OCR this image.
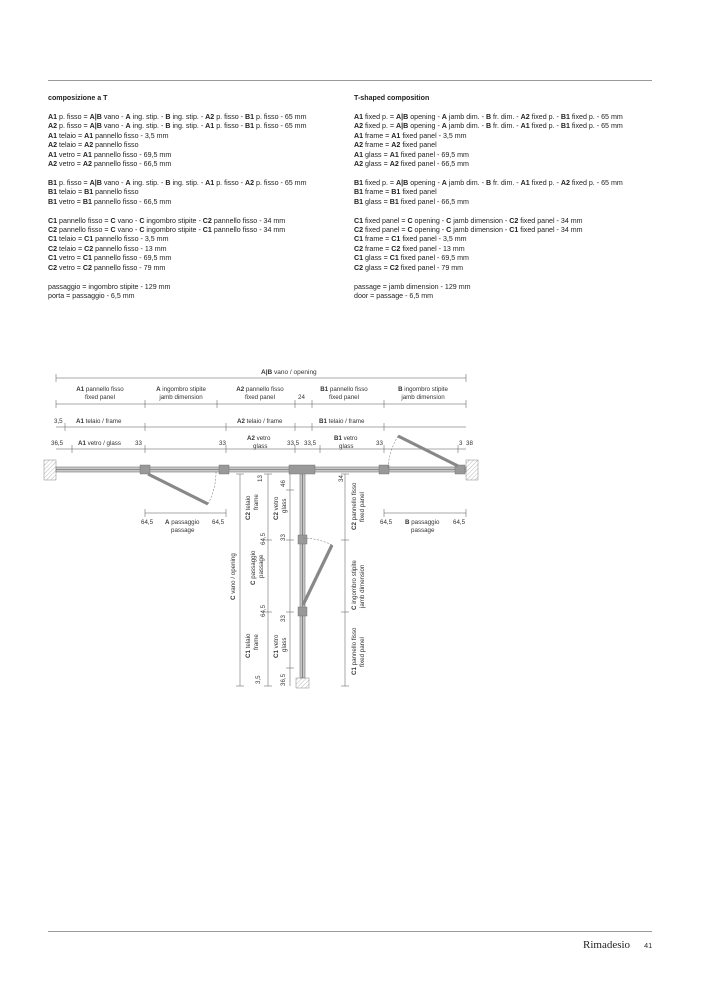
composizione a T
A1 p. fisso = A|B vano - A ing. stip. - B ing. stip. - A2 p. fisso - B1 p. fisso - 65 mm
A2 p. fisso = A|B vano - A ing. stip. - B ing. stip. - A1 p. fisso - B1 p. fisso - 65 mm
A1 telaio = A1 pannello fisso - 3,5 mm
A2 telaio = A2 pannello fisso
A1 vetro = A1 pannello fisso - 69,5 mm
A2 vetro = A2 pannello fisso - 66,5 mm
B1 p. fisso = A|B vano - A ing. stip. - B ing. stip. - A1 p. fisso - A2 p. fisso - 65 mm
B1 telaio = B1 pannello fisso
B1 vetro = B1 pannello fisso - 66,5 mm
C1 pannello fisso = C vano - C ingombro stipite - C2 pannello fisso - 34 mm
C2 pannello fisso = C vano - C ingombro stipite - C1 pannello fisso - 34 mm
C1 telaio = C1 pannello fisso - 3,5 mm
C2 telaio = C2 pannello fisso - 13 mm
C1 vetro = C1 pannello fisso - 69,5 mm
C2 vetro = C2 pannello fisso - 79 mm
passaggio = ingombro stipite - 129 mm
porta = passaggio - 6,5 mm
T-shaped composition
A1 fixed p. = A|B opening - A jamb dim. - B fr. dim. - A2 fixed p. - B1 fixed p. - 65 mm
A2 fixed p. = A|B opening - A jamb dim. - B fr. dim. - A1 fixed p. - B1 fixed p. - 65 mm
A1 frame = A1 fixed panel - 3,5 mm
A2 frame = A2 fixed panel
A1 glass = A1 fixed panel - 69,5 mm
A2 glass = A2 fixed panel - 66,5 mm
B1 fixed p. = A|B opening - A jamb dim. - B fr. dim. - A1 fixed p. - A2 fixed p. - 65 mm
B1 frame = B1 fixed panel
B1 glass = B1 fixed panel - 66,5 mm
C1 fixed panel = C opening - C jamb dimension - C2 fixed panel - 34 mm
C2 fixed panel = C opening - C jamb dimension - C1 fixed panel - 34 mm
C1 frame = C1 fixed panel - 3,5 mm
C2 frame = C2 fixed panel - 13 mm
C1 glass = C1 fixed panel - 69,5 mm
C2 glass = C2 fixed panel - 79 mm
passage = jamb dimension - 129 mm
door = passage - 6,5 mm
A|B vano / opening
A1 pannello fisso
fixed panel
A ingombro stipite
jamb dimension
A2 pannello fisso
fixed panel
B1 pannello fisso
fixed panel
B ingombro stipite
jamb dimension
3,5 A1 telaio / frame	A2 telaio / frame
24
B1 telaio / frame
36,5 A1 vetro / glass 33	33
A2 vetro
glass	33,5 33,5
B1 vetro
glass	33	3 38
64,5 A passaggio
passage
64,5	64,5 B passaggio
passage
64,5
C vano / opening C passaggio passage
64,5
64,5
C2 telaio frame
13
C2 vetro glass
46
33
33
C1 telaio frame
3,5
C1 vetro glass
36,5
34
C2 pannello fisso fixed panel
C ingombro stipite jamb dimension
C1 pannello fisso fixed panel
Rimadesio 41
